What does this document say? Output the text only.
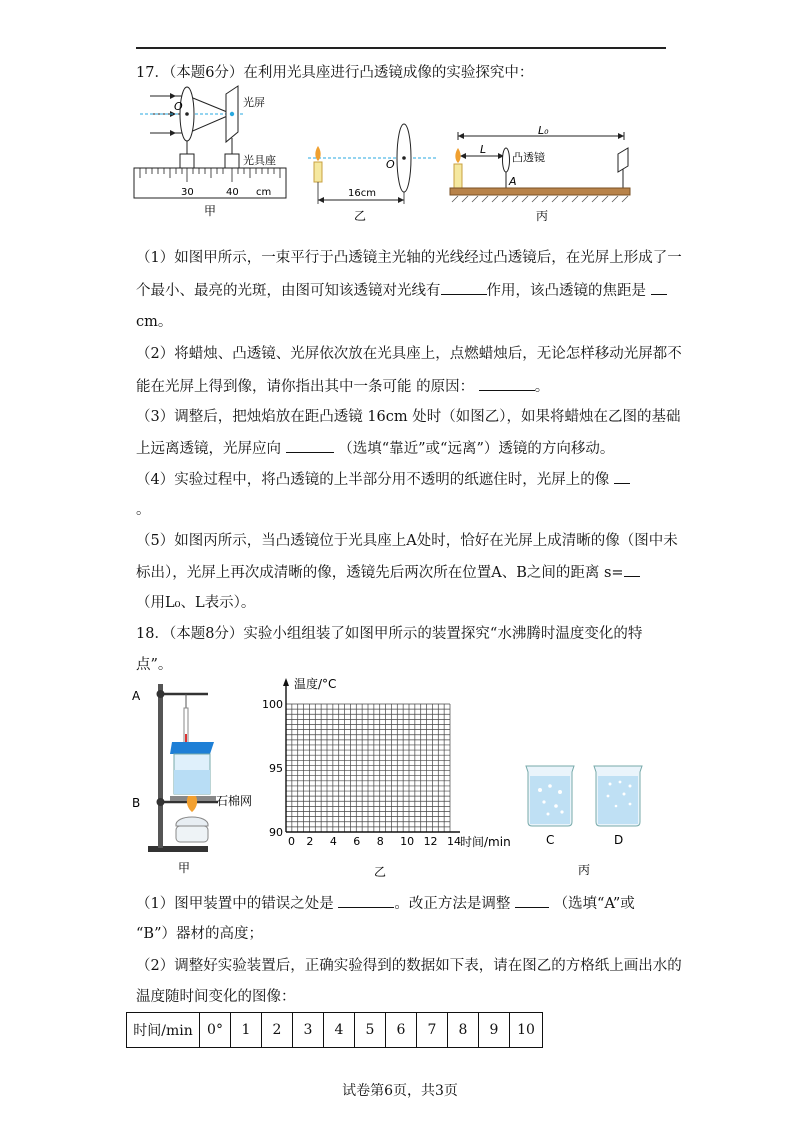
17．（本题6分）在利用光具座进行凸透镜成像的实验探究中：
O	光屏
光具座
30	40 cm
甲
O
16cm
乙
L₀
L
凸透镜
A
丙
（1）如图甲所示，一束平行于凸透镜主光轴的光线经过凸透镜后，在光屏上形成了一
个最小、最亮的光斑，由图可知该透镜对光线有	作用，该凸透镜的焦距是
cm。
（2）将蜡烛、凸透镜、光屏依次放在光具座上，点燃蜡烛后，无论怎样移动光屏都不
能在光屏上得到像，请你指出其中一条可能 的原因：	。
（3）调整后，把烛焰放在距凸透镜 16cm 处时（如图乙），如果将蜡烛在乙图的基础
上远离透镜，光屏应向	（选填“靠近”或“远离”）透镜的方向移动。
（4）实验过程中，将凸透镜的上半部分用不透明的纸遮住时，光屏上的像
。
（5）如图丙所示，当凸透镜位于光具座上A处时，恰好在光屏上成清晰的像（图中未
标出），光屏上再次成清晰的像，透镜先后两次所在位置A、B之间的距离 s=
（用L₀、L表示）。
18．（本题8分）实验小组组装了如图甲所示的装置探究“水沸腾时温度变化的特
点”。
A
B	石棉网
甲
0 2 4 6 8 10 12 14
90
95
100
温度/°C
时间/min
乙
C	D
丙
（1）图甲装置中的错误之处是	。改正方法是调整	（选填“A”或
“B”）器材的高度；
（2）调整好实验装置后，正确实验得到的数据如下表，请在图乙的方格纸上画出水的
温度随时间变化的图像：
时间/min	0°	1	2	3	4	5	6	7	8	9	10
试卷第6页，共3页
